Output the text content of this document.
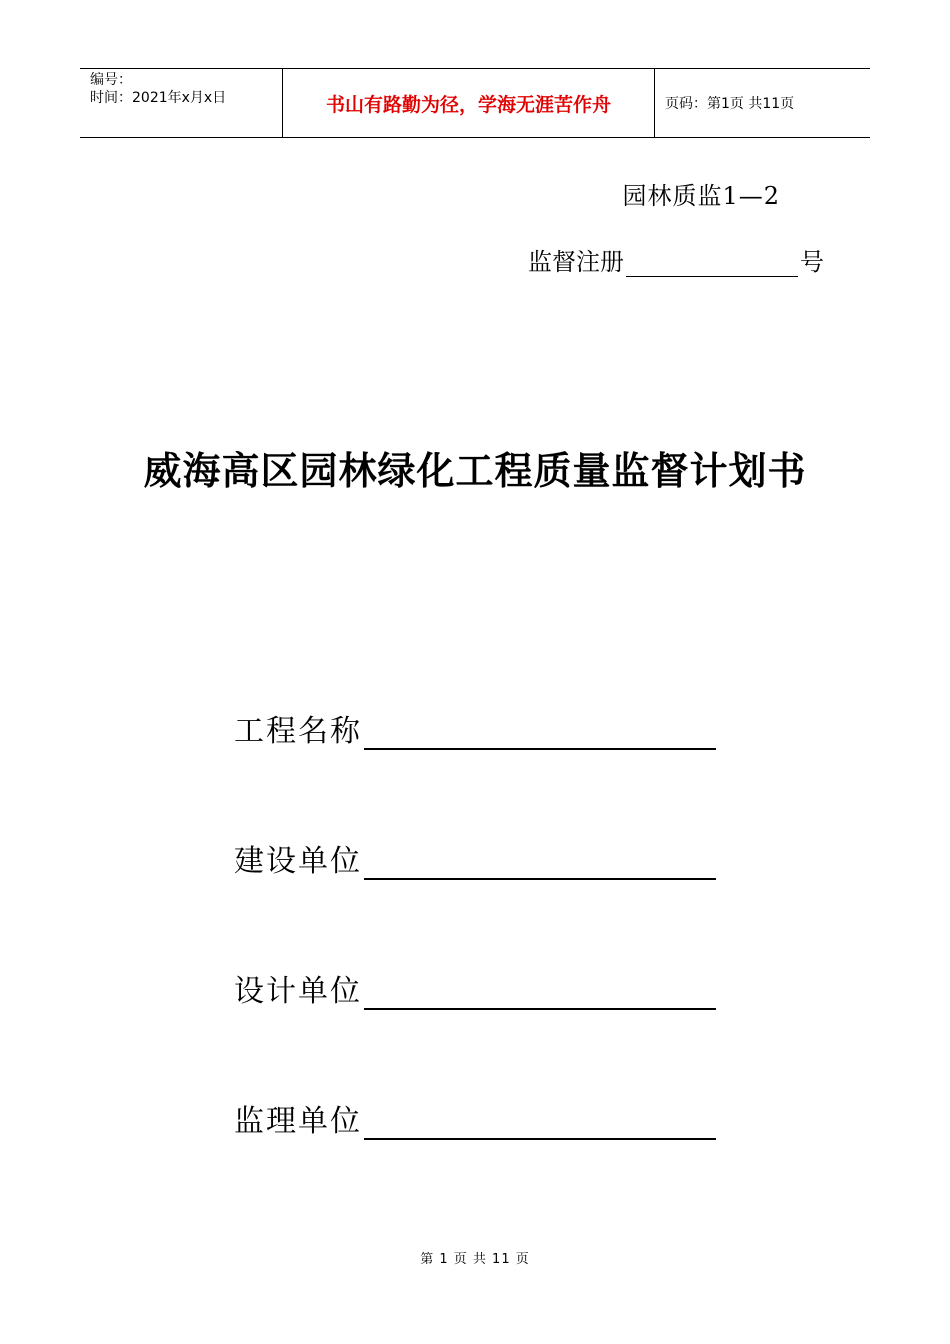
编号：
时间：2021年x月x日	书山有路勤为径，学海无涯苦作舟	页码：第1页 共11页
园林质监1—2
监督注册	号
威海高区园林绿化工程质量监督计划书
工程名称
建设单位
设计单位
监理单位
第 1 页 共 11 页
